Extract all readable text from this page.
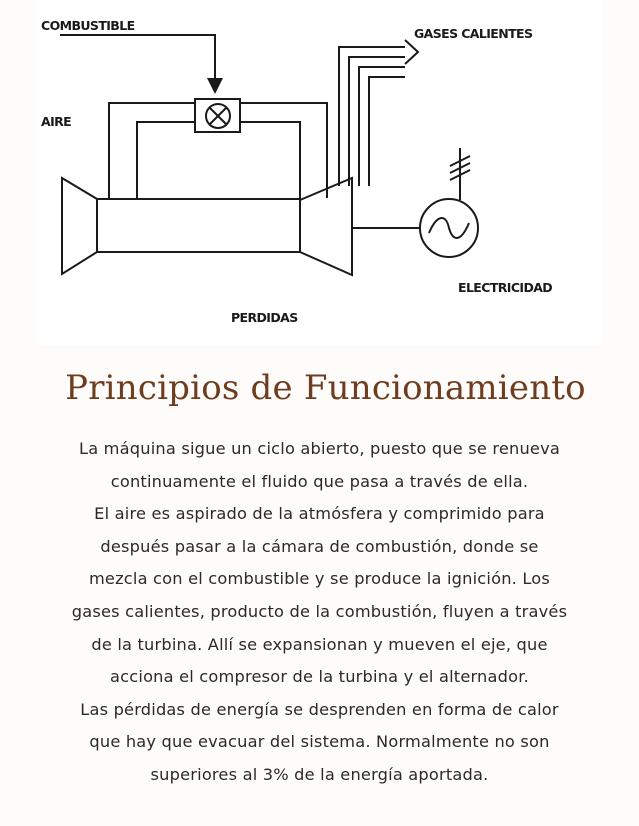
COMBUSTIBLE
GASES CALIENTES
AIRE
ELECTRICIDAD
PERDIDAS
Principios de Funcionamiento
La máquina sigue un ciclo abierto, puesto que se renueva
continuamente el fluido que pasa a través de ella.
El aire es aspirado de la atmósfera y comprimido para
después pasar a la cámara de combustión, donde se
mezcla con el combustible y se produce la ignición. Los
gases calientes, producto de la combustión, fluyen a través
de la turbina. Allí se expansionan y mueven el eje, que
acciona el compresor de la turbina y el alternador.
Las pérdidas de energía se desprenden en forma de calor
que hay que evacuar del sistema. Normalmente no son
superiores al 3% de la energía aportada.
